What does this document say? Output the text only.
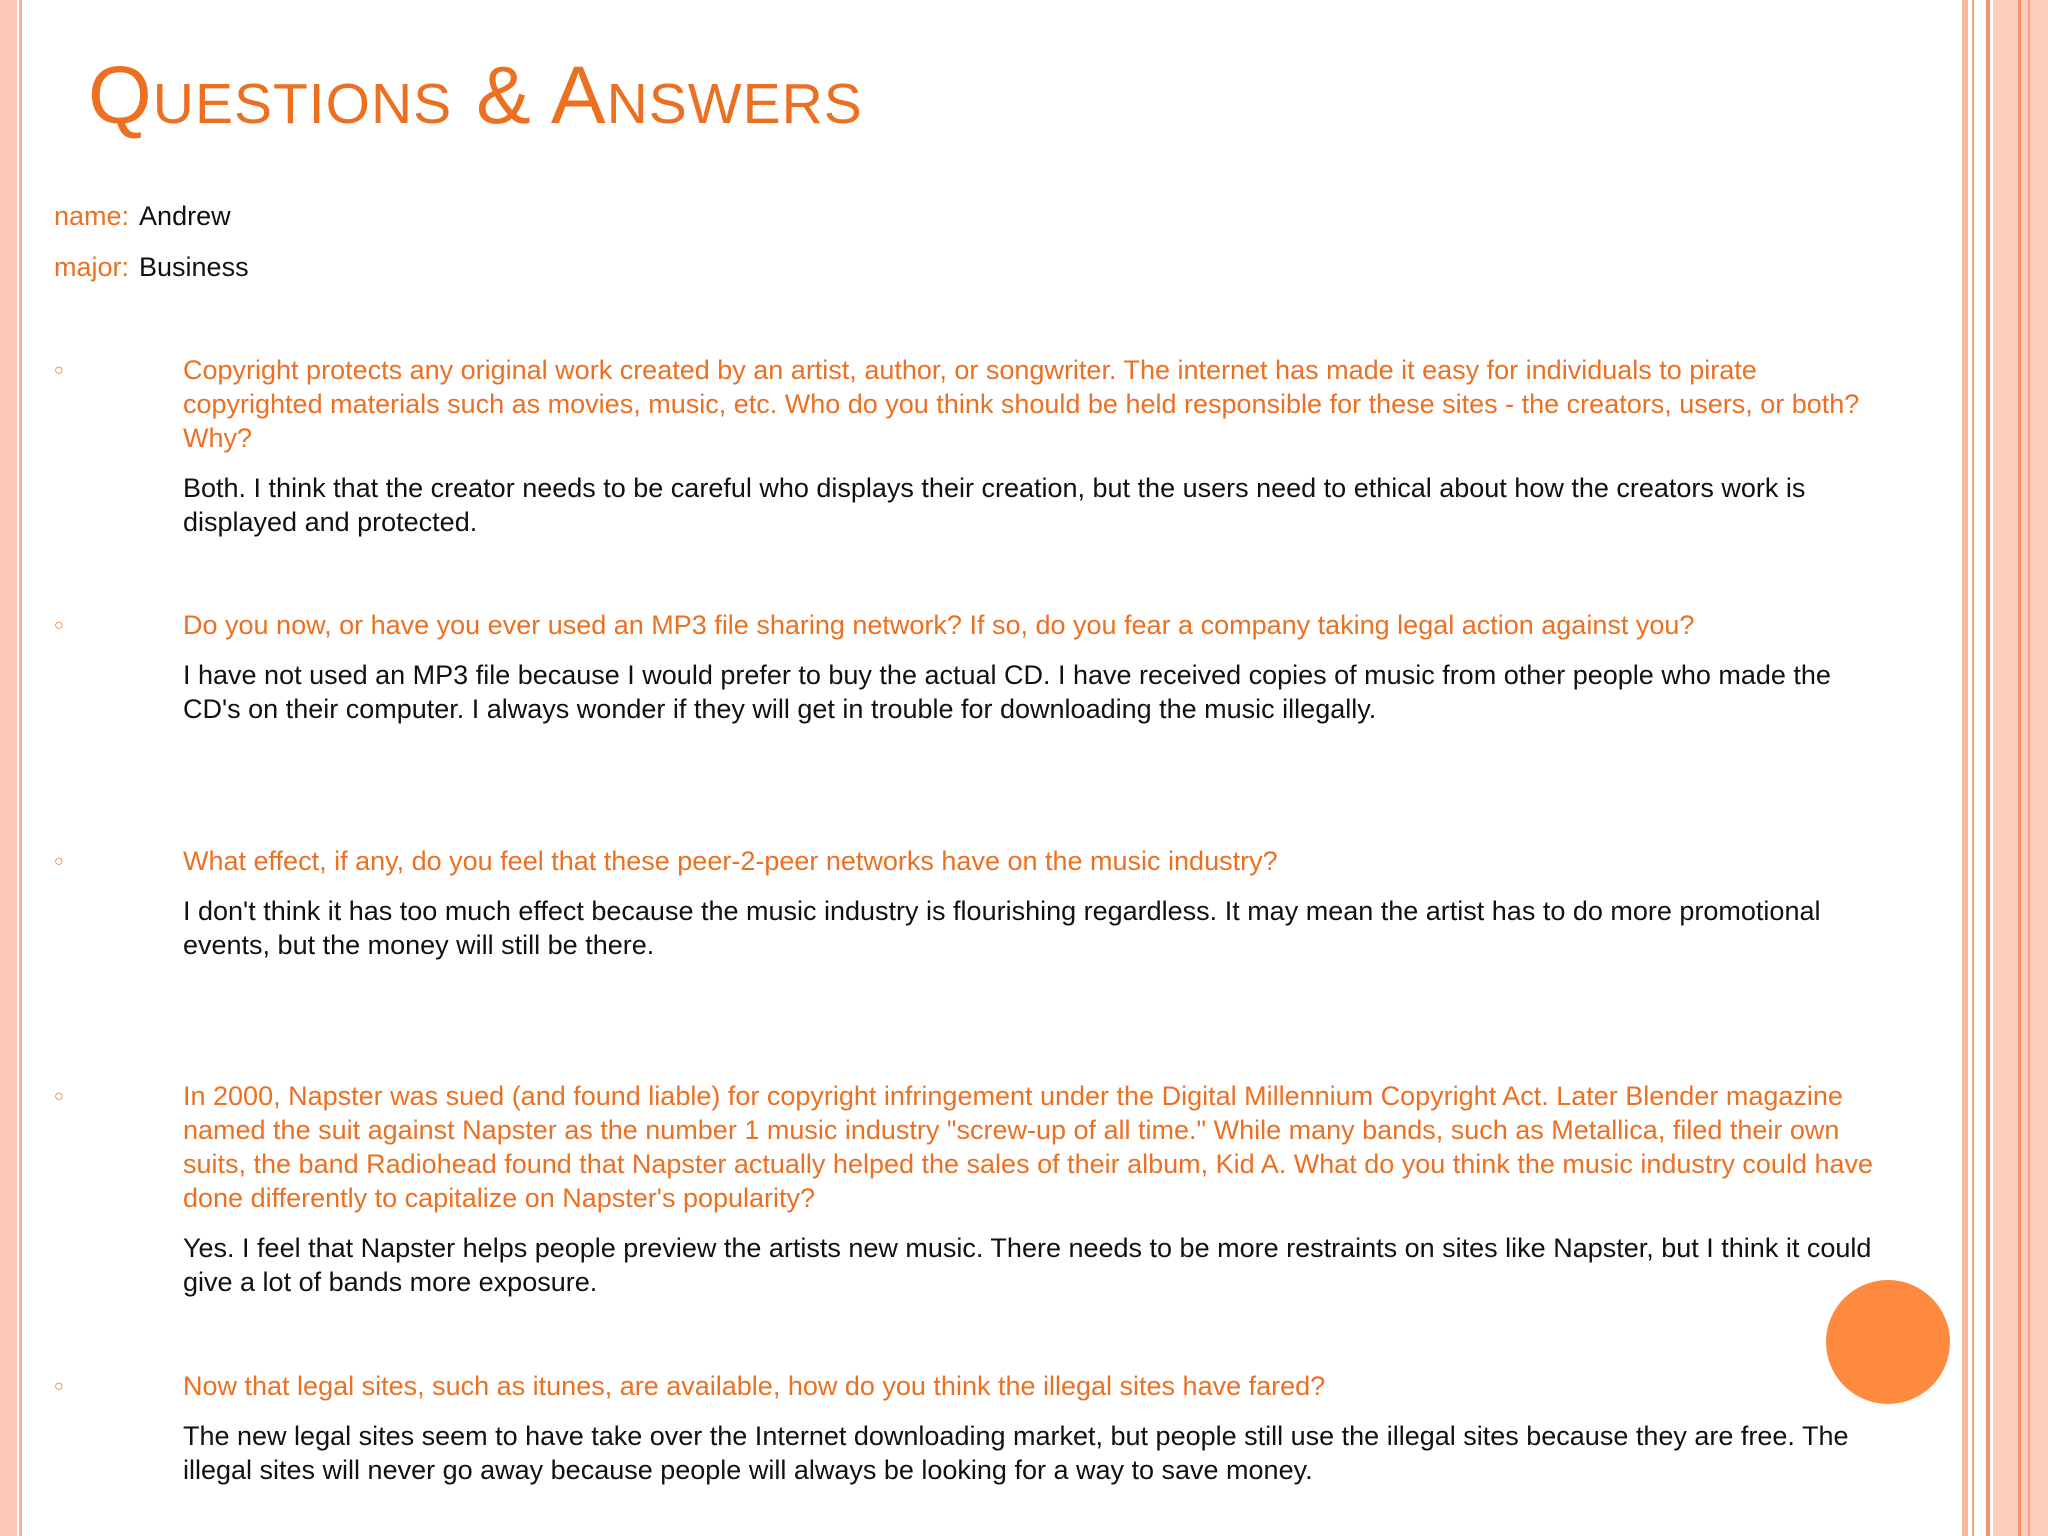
Questions & Answers
name: Andrew
major: Business
○	Copyright protects any original work created by an artist, author, or songwriter. The internet has made it easy for individuals to pirate copyrighted materials such as movies, music, etc. Who do you think should be held responsible for these sites - the creators, users, or both? Why?
Both. I think that the creator needs to be careful who displays their creation, but the users need to ethical about how the creators work is displayed and protected.
○	Do you now, or have you ever used an MP3 file sharing network? If so, do you fear a company taking legal action against you?
I have not used an MP3 file because I would prefer to buy the actual CD. I have received copies of music from other people who made the CD's on their computer. I always wonder if they will get in trouble for downloading the music illegally.
○	What effect, if any, do you feel that these peer-2-peer networks have on the music industry?
I don't think it has too much effect because the music industry is flourishing regardless. It may mean the artist has to do more promotional events, but the money will still be there.
○	In 2000, Napster was sued (and found liable) for copyright infringement under the Digital Millennium Copyright Act. Later Blender magazine named the suit against Napster as the number 1 music industry "screw-up of all time." While many bands, such as Metallica, filed their own suits, the band Radiohead found that Napster actually helped the sales of their album, Kid A. What do you think the music industry could have done differently to capitalize on Napster's popularity?
Yes. I feel that Napster helps people preview the artists new music. There needs to be more restraints on sites like Napster, but I think it could give a lot of bands more exposure.
○	Now that legal sites, such as itunes, are available, how do you think the illegal sites have fared?
The new legal sites seem to have take over the Internet downloading market, but people still use the illegal sites because they are free. The illegal sites will never go away because people will always be looking for a way to save money.
